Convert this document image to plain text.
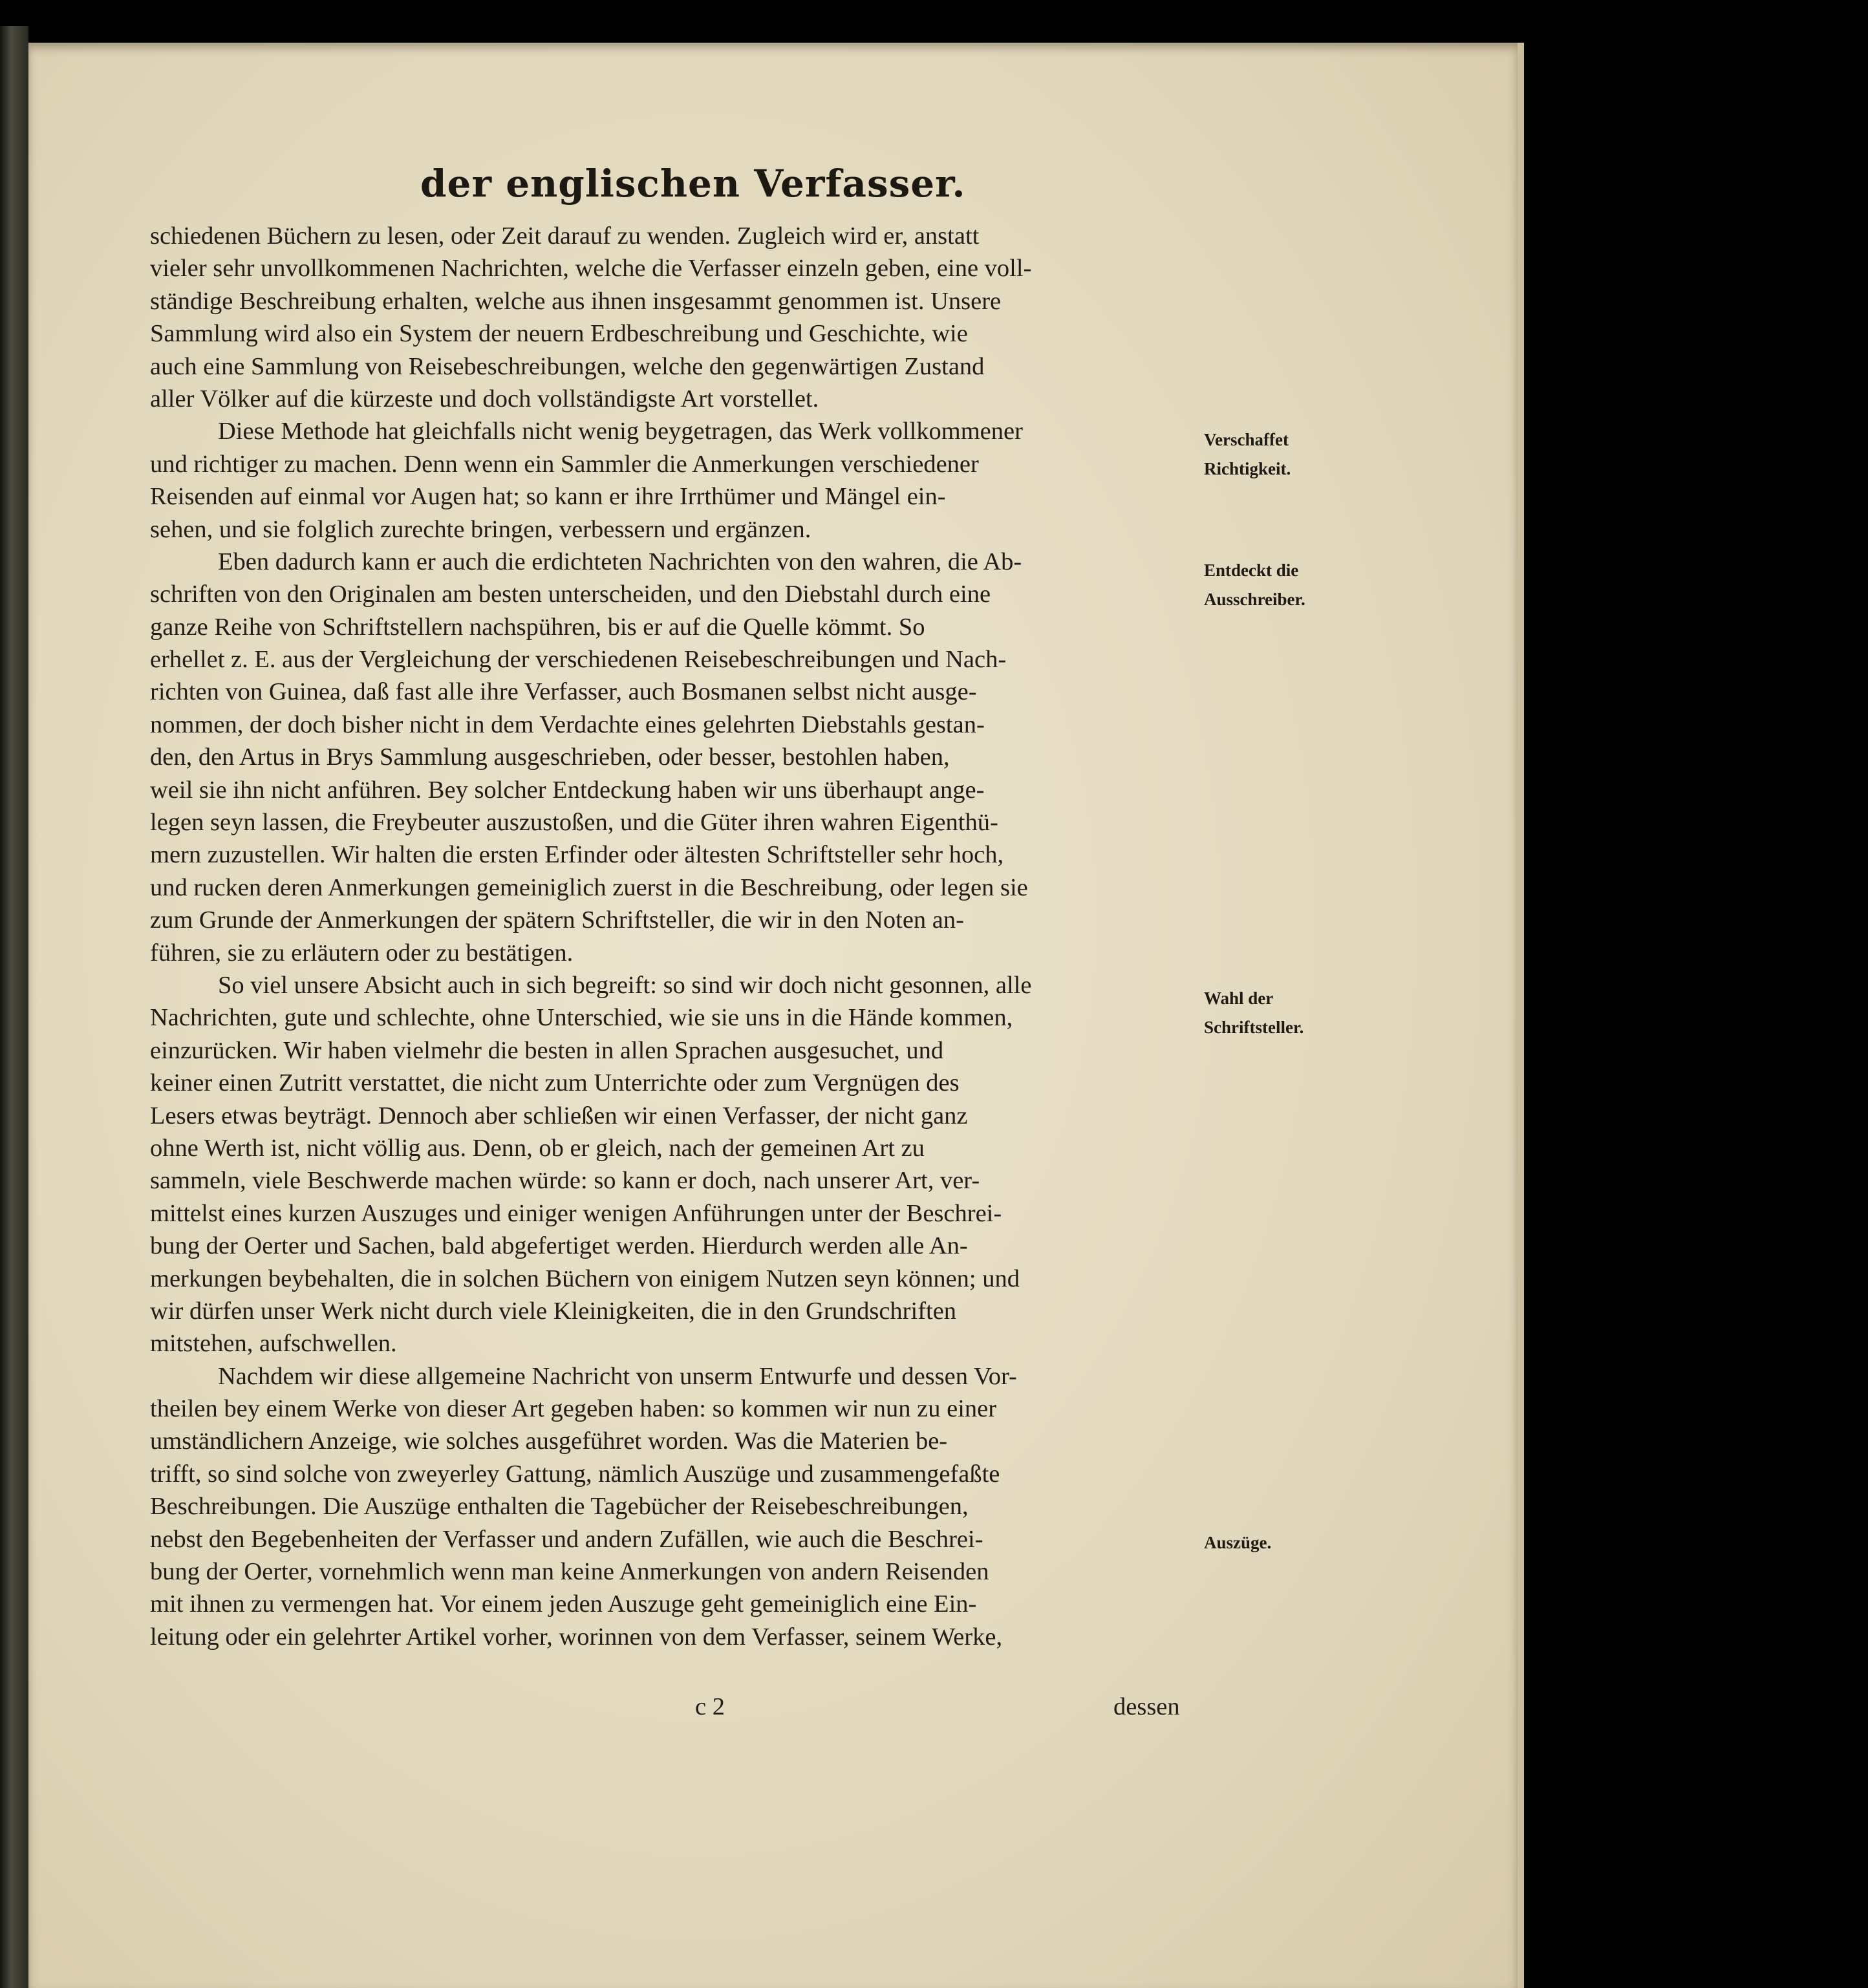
der englischen Verfasser.
schiedenen Büchern zu lesen, oder Zeit darauf zu wenden. Zugleich wird er, anstatt
vieler sehr unvollkommenen Nachrichten, welche die Verfasser einzeln geben, eine voll-
ständige Beschreibung erhalten, welche aus ihnen insgesammt genommen ist. Unsere
Sammlung wird also ein System der neuern Erdbeschreibung und Geschichte, wie
auch eine Sammlung von Reisebeschreibungen, welche den gegenwärtigen Zustand
aller Völker auf die kürzeste und doch vollständigste Art vorstellet.
Diese Methode hat gleichfalls nicht wenig beygetragen, das Werk vollkommener
und richtiger zu machen. Denn wenn ein Sammler die Anmerkungen verschiedener
Reisenden auf einmal vor Augen hat; so kann er ihre Irrthümer und Mängel ein-
sehen, und sie folglich zurechte bringen, verbessern und ergänzen.
Eben dadurch kann er auch die erdichteten Nachrichten von den wahren, die Ab-
schriften von den Originalen am besten unterscheiden, und den Diebstahl durch eine
ganze Reihe von Schriftstellern nachspühren, bis er auf die Quelle kömmt. So
erhellet z. E. aus der Vergleichung der verschiedenen Reisebeschreibungen und Nach-
richten von Guinea, daß fast alle ihre Verfasser, auch Bosmanen selbst nicht ausge-
nommen, der doch bisher nicht in dem Verdachte eines gelehrten Diebstahls gestan-
den, den Artus in Brys Sammlung ausgeschrieben, oder besser, bestohlen haben,
weil sie ihn nicht anführen. Bey solcher Entdeckung haben wir uns überhaupt ange-
legen seyn lassen, die Freybeuter auszustoßen, und die Güter ihren wahren Eigenthü-
mern zuzustellen. Wir halten die ersten Erfinder oder ältesten Schriftsteller sehr hoch,
und rucken deren Anmerkungen gemeiniglich zuerst in die Beschreibung, oder legen sie
zum Grunde der Anmerkungen der spätern Schriftsteller, die wir in den Noten an-
führen, sie zu erläutern oder zu bestätigen.
So viel unsere Absicht auch in sich begreift: so sind wir doch nicht gesonnen, alle
Nachrichten, gute und schlechte, ohne Unterschied, wie sie uns in die Hände kommen,
einzurücken. Wir haben vielmehr die besten in allen Sprachen ausgesuchet, und
keiner einen Zutritt verstattet, die nicht zum Unterrichte oder zum Vergnügen des
Lesers etwas beyträgt. Dennoch aber schließen wir einen Verfasser, der nicht ganz
ohne Werth ist, nicht völlig aus. Denn, ob er gleich, nach der gemeinen Art zu
sammeln, viele Beschwerde machen würde: so kann er doch, nach unserer Art, ver-
mittelst eines kurzen Auszuges und einiger wenigen Anführungen unter der Beschrei-
bung der Oerter und Sachen, bald abgefertiget werden. Hierdurch werden alle An-
merkungen beybehalten, die in solchen Büchern von einigem Nutzen seyn können; und
wir dürfen unser Werk nicht durch viele Kleinigkeiten, die in den Grundschriften
mitstehen, aufschwellen.
Nachdem wir diese allgemeine Nachricht von unserm Entwurfe und dessen Vor-
theilen bey einem Werke von dieser Art gegeben haben: so kommen wir nun zu einer
umständlichern Anzeige, wie solches ausgeführet worden. Was die Materien be-
trifft, so sind solche von zweyerley Gattung, nämlich Auszüge und zusammengefaßte
Beschreibungen. Die Auszüge enthalten die Tagebücher der Reisebeschreibungen,
nebst den Begebenheiten der Verfasser und andern Zufällen, wie auch die Beschrei-
bung der Oerter, vornehmlich wenn man keine Anmerkungen von andern Reisenden
mit ihnen zu vermengen hat. Vor einem jeden Auszuge geht gemeiniglich eine Ein-
leitung oder ein gelehrter Artikel vorher, worinnen von dem Verfasser, seinem Werke,
Verschaffet
Richtigkeit.
Entdeckt die
Ausschreiber.
Wahl der
Schriftsteller.
Auszüge.
c 2	dessen
